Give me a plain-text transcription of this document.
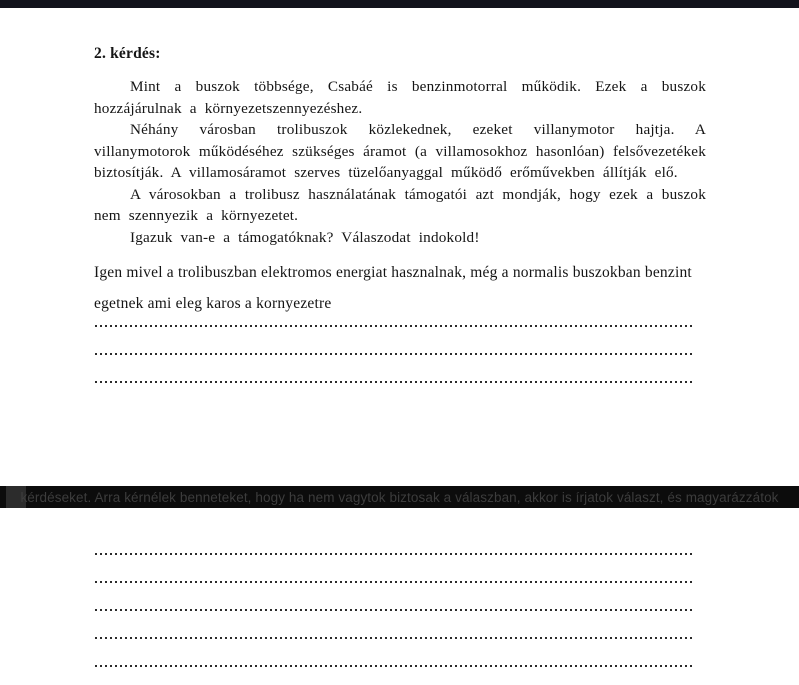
2. kérdés:

Mint a buszok többsége, Csabáé is benzinmotorral működik. Ezek a buszok hozzájárulnak a környezetszennyezéshez.

Néhány városban trolibuszok közlekednek, ezeket villanymotor hajtja. A villanymotorok működéséhez szükséges áramot (a villamosokhoz hasonlóan) felsővezetékek biztosítják. A villamosáramot szerves tüzelőanyaggal működő erőművekben állítják elő.

A városokban a trolibusz használatának támogatói azt mondják, hogy ezek a buszok nem szennyezik a környezetet.

Igazuk van-e a támogatóknak? Válaszodat indokold!

Igen mivel a trolibuszban elektromos energiat hasznalnak, még a normalis buszokban benzint egetnek ami eleg karos a kornyezetre
kérdéseket. Arra kérnélek benneteket, hogy ha nem vagytok biztosak a válaszban, akkor is írjatok választ, és magyarázzátok
